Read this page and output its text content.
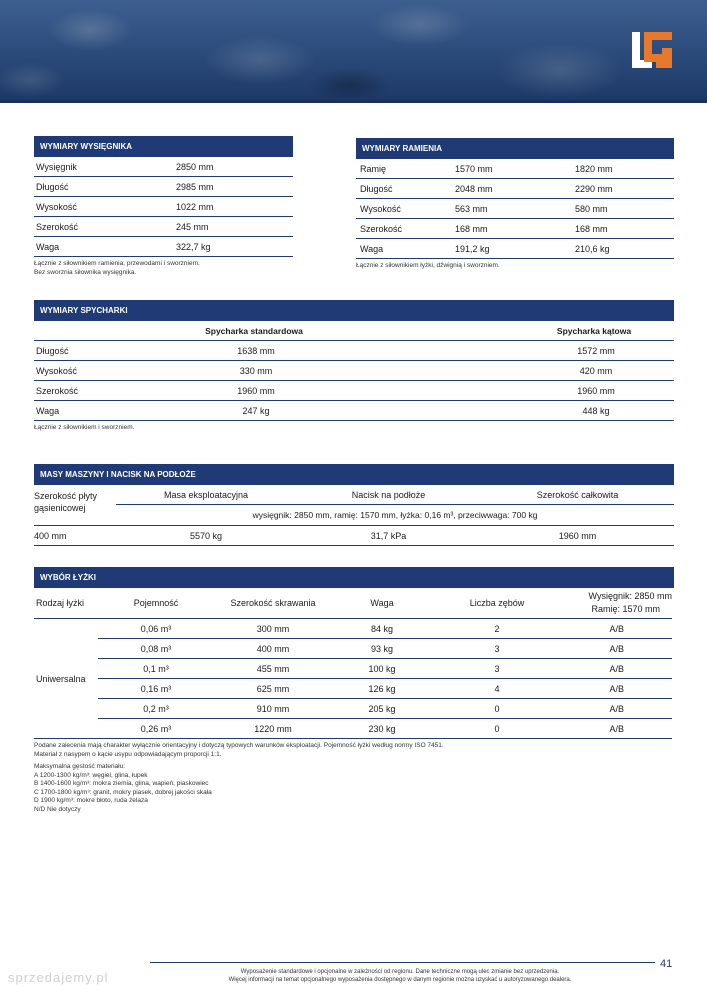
WYMIARY WYSIĘGNIKA
Wysięgnik	2850 mm
Długość	2985 mm
Wysokość	1022 mm
Szerokość	245 mm
Waga	322,7 kg
Łącznie z siłownikiem ramienia, przewodami i sworzniem.
Bez sworznia siłownika wysięgnika.
WYMIARY RAMIENIA
Ramię	1570 mm	1820 mm
Długość	2048 mm	2290 mm
Wysokość	563 mm	580 mm
Szerokość	168 mm	168 mm
Waga	191,2 kg	210,6 kg
Łącznie z siłownikiem łyżki, dźwignią i sworzniem.
WYMIARY SPYCHARKI
Spycharka standardowa	Spycharka kątowa
Długość	1638 mm	1572 mm
Wysokość	330 mm	420 mm
Szerokość	1960 mm	1960 mm
Waga	247 kg	448 kg
Łącznie z siłownikiem i sworzniem.
MASY MASZYNY I NACISK NA PODŁOŻE
Szerokość płyty gąsienicowej
Masa eksploatacyjna	Nacisk na podłoże	Szerokość całkowita
wysięgnik: 2850 mm, ramię: 1570 mm, łyżka: 0,16 m³, przeciwwaga: 700 kg
400 mm	5570 kg	31,7 kPa	1960 mm
WYBÓR ŁYŻKI
Rodzaj łyżki	Pojemność	Szerokość skrawania	Waga	Liczba zębów	Wysięgnik: 2850 mm
Ramię: 1570 mm

Uniwersalna	0,06 m³	300 mm	84 kg	2	A/B
	0,08 m³	400 mm	93 kg	3	A/B
	0,1 m³	455 mm	100 kg	3	A/B
	0,16 m³	625 mm	126 kg	4	A/B
	0,2 m³	910 mm	205 kg	0	A/B
	0,26 m³	1220 mm	230 kg	0	A/B
Podane zalecenia mają charakter wyłącznie orientacyjny i dotyczą typowych warunków eksploatacji. Pojemność łyżki według normy ISO 7451.
Materiał z nasypem o kącie usypu odpowiadającym proporcji 1:1.
Maksymalna gęstość materiału:
A 1200-1300 kg/m³: węgiel, glina, łupek
B 1400-1600 kg/m³: mokra ziemia, glina, wapień, piaskowiec
C 1700-1800 kg/m³: granit, mokry piasek, dobrej jakości skała
D 1900 kg/m³: mokre błoto, ruda żelaza
N/D Nie dotyczy
41
Wyposażenie standardowe i opcjonalne w zależności od regionu. Dane techniczne mogą ulec zmianie bez uprzedzenia.
Więcej informacji na temat opcjonalnego wyposażenia dostępnego w danym regionie można uzyskać u autoryzowanego dealera.
sprzedajemy.pl
